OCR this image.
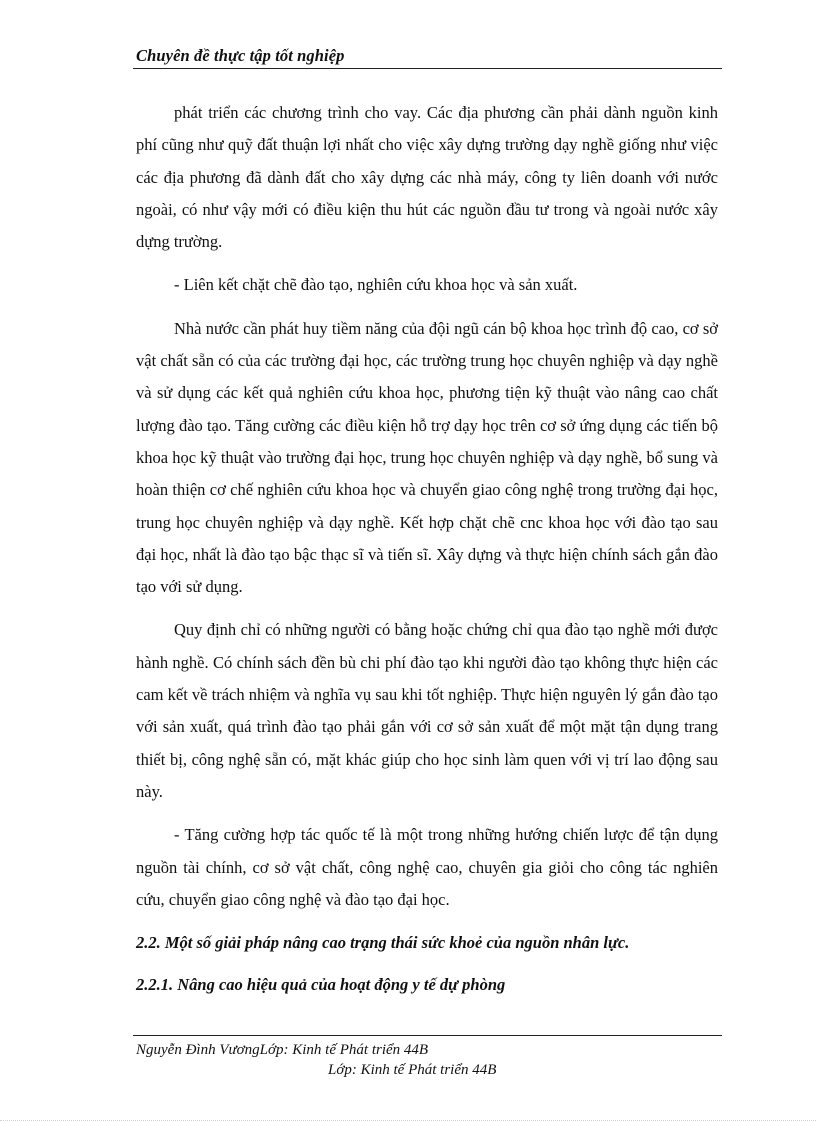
Chuyên đề thực tập tốt nghiệp

phát triển các chương trình cho vay. Các địa phương cần phải dành nguồn kinh phí cũng như quỹ đất thuận lợi nhất cho việc xây dựng trường dạy nghề giống như việc các địa phương đã dành đất cho xây dựng các nhà máy, công ty liên doanh với nước ngoài, có như vậy mới có điều kiện thu hút các nguồn đầu tư trong và ngoài nước xây dựng trường.

- Liên kết chặt chẽ đào tạo, nghiên cứu khoa học và sản xuất.

Nhà nước cần phát huy tiềm năng của đội ngũ cán bộ khoa học trình độ cao, cơ sở vật chất sẵn có của các trường đại học, các trường trung học chuyên nghiệp và dạy nghề và sử dụng các kết quả nghiên cứu khoa học, phương tiện kỹ thuật vào nâng cao chất lượng đào tạo. Tăng cường các điều kiện hỗ trợ dạy học trên cơ sở ứng dụng các tiến bộ khoa học kỹ thuật vào trường đại học, trung học chuyên nghiệp và dạy nghề, bổ sung và hoàn thiện cơ chế nghiên cứu khoa học và chuyển giao công nghệ trong trường đại học, trung học chuyên nghiệp và dạy nghề. Kết hợp chặt chẽ cnc khoa học với đào tạo sau đại học, nhất là đào tạo bậc thạc sĩ và tiến sĩ. Xây dựng và thực hiện chính sách gắn đào tạo với sử dụng.

Quy định chỉ có những người có bằng hoặc chứng chỉ qua đào tạo nghề mới được hành nghề. Có chính sách đền bù chi phí đào tạo khi người đào tạo không thực hiện các cam kết về trách nhiệm và nghĩa vụ sau khi tốt nghiệp. Thực hiện nguyên lý gắn đào tạo với sản xuất, quá trình đào tạo phải gắn với cơ sở sản xuất để một mặt tận dụng trang thiết bị, công nghệ sẵn có, mặt khác giúp cho học sinh làm quen với vị trí lao động sau này.

- Tăng cường hợp tác quốc tế là một trong những hướng chiến lược để tận dụng nguồn tài chính, cơ sở vật chất, công nghệ cao, chuyên gia giỏi cho công tác nghiên cứu, chuyển giao công nghệ và đào tạo đại học.

2.2. Một số giải pháp nâng cao trạng thái sức khoẻ của nguồn nhân lực.

2.2.1. Nâng cao hiệu quả của hoạt động y tế dự phòng

Nguyễn Đình VươngLớp: Kinh tế Phát triển 44B
Lớp: Kinh tế Phát triển 44B
